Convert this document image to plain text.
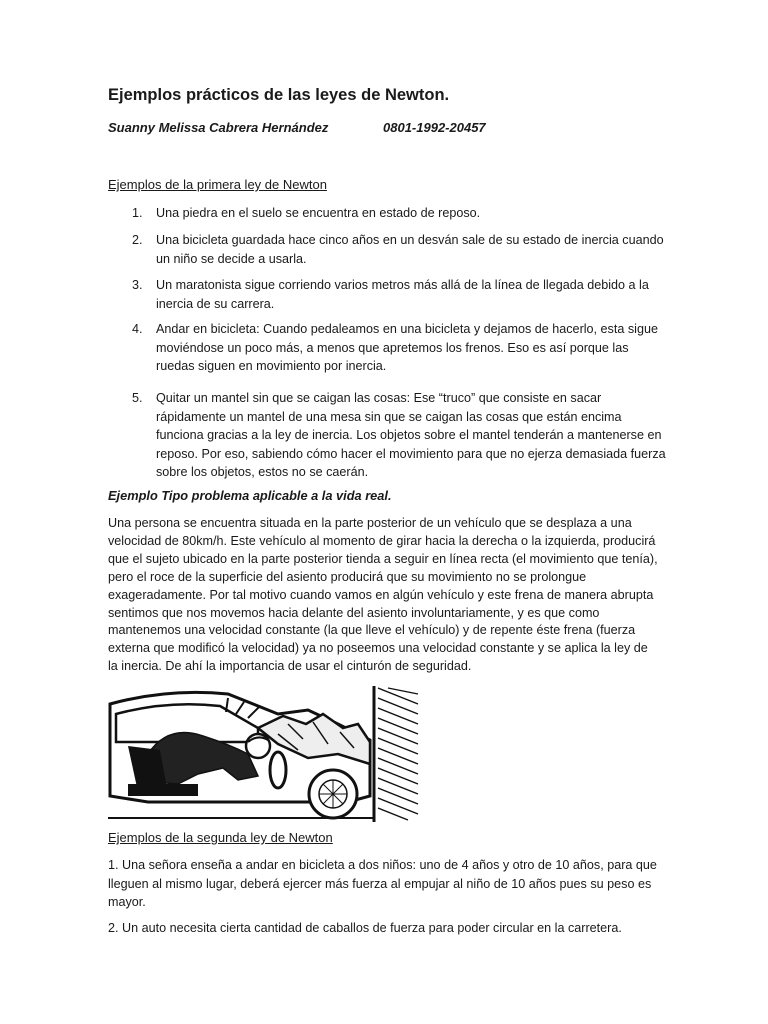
Ejemplos prácticos de las leyes de Newton.
Suanny Melissa Cabrera Hernández	0801-1992-20457
Ejemplos de la primera ley de Newton
1. Una piedra en el suelo se encuentra en estado de reposo.
2. Una bicicleta guardada hace cinco años en un desván sale de su estado de inercia cuando un niño se decide a usarla.
3. Un maratonista sigue corriendo varios metros más allá de la línea de llegada debido a la inercia de su carrera.
4. Andar en bicicleta: Cuando pedaleamos en una bicicleta y dejamos de hacerlo, esta sigue moviéndose un poco más, a menos que apretemos los frenos. Eso es así porque las ruedas siguen en movimiento por inercia.
5. Quitar un mantel sin que se caigan las cosas: Ese “truco” que consiste en sacar rápidamente un mantel de una mesa sin que se caigan las cosas que están encima funciona gracias a la ley de inercia. Los objetos sobre el mantel tenderán a mantenerse en reposo. Por eso, sabiendo cómo hacer el movimiento para que no ejerza demasiada fuerza sobre los objetos, estos no se caerán.
Ejemplo Tipo problema aplicable a la vida real.

Una persona se encuentra situada en la parte posterior de un vehículo que se desplaza a una velocidad de 80km/h. Este vehículo al momento de girar hacia la derecha o la izquierda, producirá que el sujeto ubicado en la parte posterior tienda a seguir en línea recta (el movimiento que tenía), pero el roce de la superficie del asiento producirá que su movimiento no se prolongue exageradamente. Por tal motivo cuando vamos en algún vehículo y este frena de manera abrupta sentimos que nos movemos hacia delante del asiento involuntariamente, y es que como mantenemos una velocidad constante (la que lleve el vehículo) y de repente éste frena (fuerza externa que modificó la velocidad) ya no poseemos una velocidad constante y se aplica la ley de la inercia. De ahí la importancia de usar el cinturón de seguridad.

Ejemplos de la segunda ley de Newton
1. Una señora enseña a andar en bicicleta a dos niños: uno de 4 años y otro de 10 años, para que lleguen al mismo lugar, deberá ejercer más fuerza al empujar al niño de 10 años pues su peso es mayor.
2. Un auto necesita cierta cantidad de caballos de fuerza para poder circular en la carretera.
